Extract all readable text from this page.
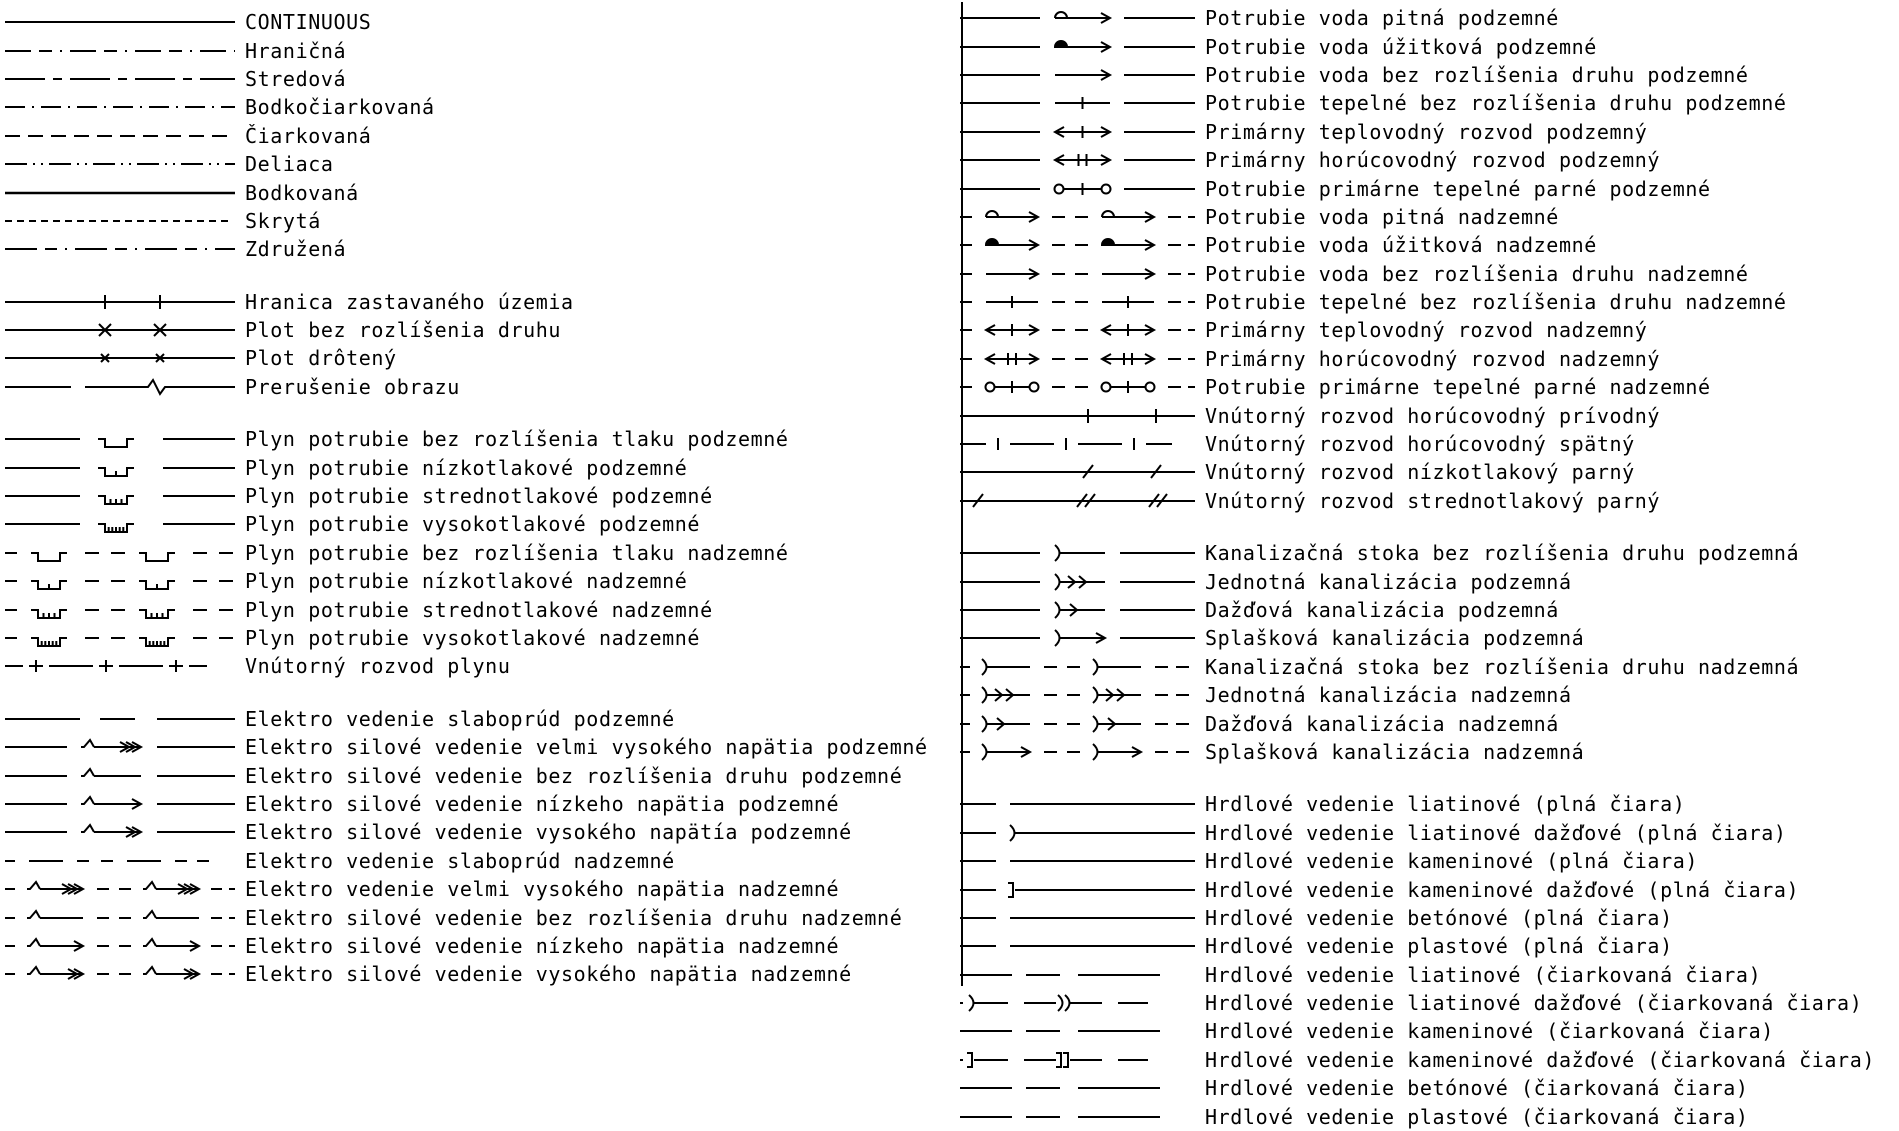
CONTINUOUS
Hraničná
Stredová
Bodkočiarkovaná
Čiarkovaná
Deliaca
Bodkovaná
Skrytá
Združená
Hranica zastavaného územia
Plot bez rozlíšenia druhu
Plot drôtený
Prerušenie obrazu
Plyn potrubie bez rozlíšenia tlaku podzemné
Plyn potrubie nízkotlakové podzemné
Plyn potrubie strednotlakové podzemné
Plyn potrubie vysokotlakové podzemné
Plyn potrubie bez rozlíšenia tlaku nadzemné
Plyn potrubie nízkotlakové nadzemné
Plyn potrubie strednotlakové nadzemné
Plyn potrubie vysokotlakové nadzemné
Vnútorný rozvod plynu
Elektro vedenie slaboprúd podzemné
Elektro silové vedenie velmi vysokého napätia podzemné
Elektro silové vedenie bez rozlíšenia druhu podzemné
Elektro silové vedenie nízkeho napätia podzemné
Elektro silové vedenie vysokého napätía podzemné
Elektro vedenie slaboprúd nadzemné
Elektro vedenie velmi vysokého napätia nadzemné
Elektro silové vedenie bez rozlíšenia druhu nadzemné
Elektro silové vedenie nízkeho napätia nadzemné
Elektro silové vedenie vysokého napätia nadzemné
Potrubie voda pitná podzemné
Potrubie voda úžitková podzemné
Potrubie voda bez rozlíšenia druhu podzemné
Potrubie tepelné bez rozlíšenia druhu podzemné
Primárny teplovodný rozvod podzemný
Primárny horúcovodný rozvod podzemný
Potrubie primárne tepelné parné podzemné
Potrubie voda pitná nadzemné
Potrubie voda úžitková nadzemné
Potrubie voda bez rozlíšenia druhu nadzemné
Potrubie tepelné bez rozlíšenia druhu nadzemné
Primárny teplovodný rozvod nadzemný
Primárny horúcovodný rozvod nadzemný
Potrubie primárne tepelné parné nadzemné
Vnútorný rozvod horúcovodný prívodný
Vnútorný rozvod horúcovodný spätný
Vnútorný rozvod nízkotlakový parný
Vnútorný rozvod strednotlakový parný
Kanalizačná stoka bez rozlíšenia druhu podzemná
Jednotná kanalizácia podzemná
Dažďová kanalizácia podzemná
Splašková kanalizácia podzemná
Kanalizačná stoka bez rozlíšenia druhu nadzemná
Jednotná kanalizácia nadzemná
Dažďová kanalizácia nadzemná
Splašková kanalizácia nadzemná
Hrdlové vedenie liatinové (plná čiara)
Hrdlové vedenie liatinové dažďové (plná čiara)
Hrdlové vedenie kameninové (plná čiara)
Hrdlové vedenie kameninové dažďové (plná čiara)
Hrdlové vedenie betónové (plná čiara)
Hrdlové vedenie plastové (plná čiara)
Hrdlové vedenie liatinové (čiarkovaná čiara)
Hrdlové vedenie liatinové dažďové (čiarkovaná čiara)
Hrdlové vedenie kameninové (čiarkovaná čiara)
Hrdlové vedenie kameninové dažďové (čiarkovaná čiara)
Hrdlové vedenie betónové (čiarkovaná čiara)
Hrdlové vedenie plastové (čiarkovaná čiara)
